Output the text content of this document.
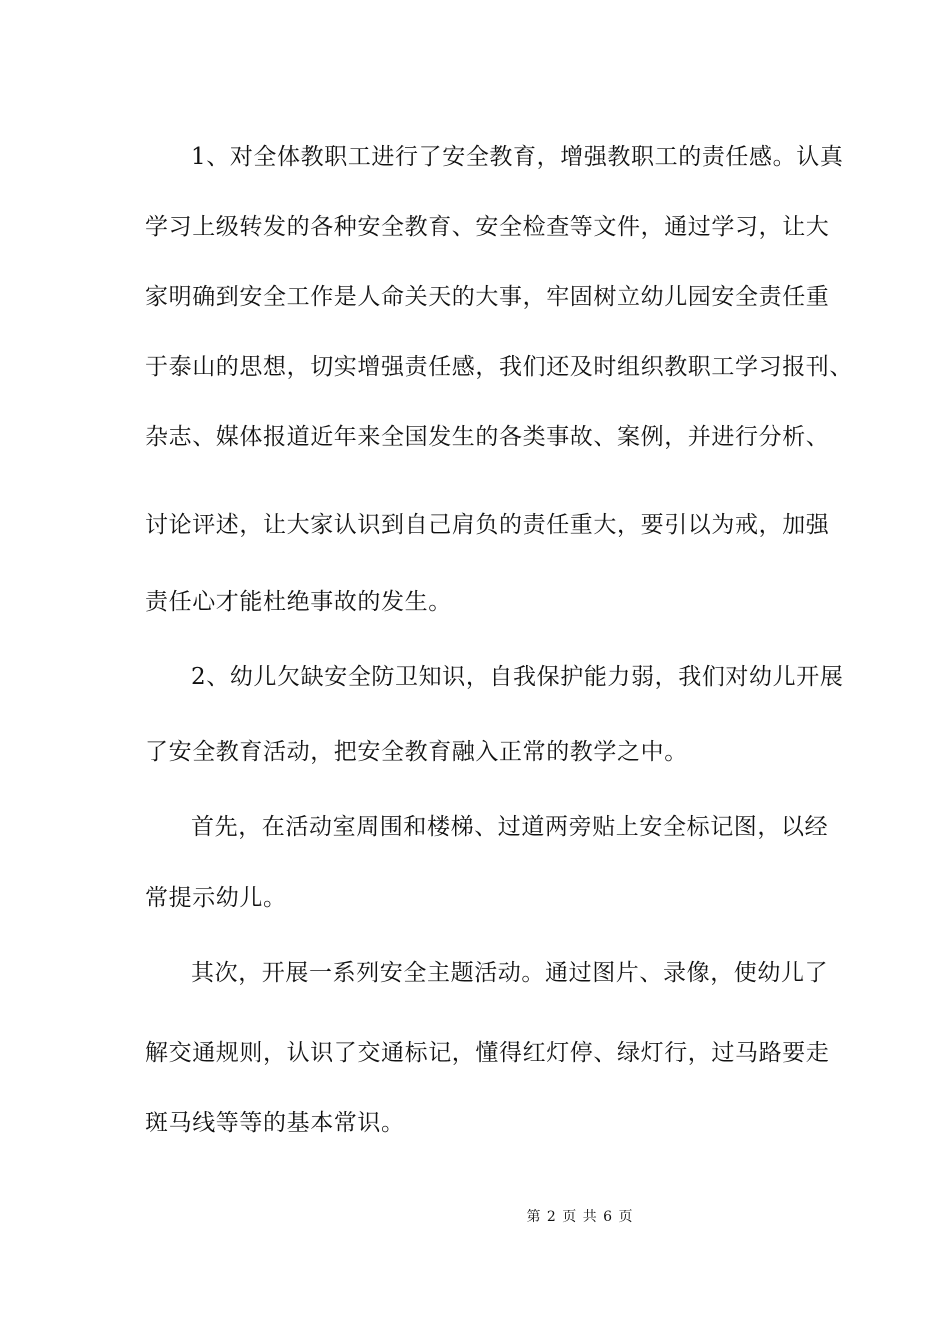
1、对全体教职工进行了安全教育，增强教职工的责任感。认真
学习上级转发的各种安全教育、安全检查等文件，通过学习，让大
家明确到安全工作是人命关天的大事，牢固树立幼儿园安全责任重
于泰山的思想，切实增强责任感，我们还及时组织教职工学习报刊、
杂志、媒体报道近年来全国发生的各类事故、案例，并进行分析、
讨论评述，让大家认识到自己肩负的责任重大，要引以为戒，加强
责任心才能杜绝事故的发生。
2、幼儿欠缺安全防卫知识，自我保护能力弱，我们对幼儿开展
了安全教育活动，把安全教育融入正常的教学之中。
首先，在活动室周围和楼梯、过道两旁贴上安全标记图，以经
常提示幼儿。
其次，开展一系列安全主题活动。通过图片、录像，使幼儿了
解交通规则，认识了交通标记，懂得红灯停、绿灯行，过马路要走
斑马线等等的基本常识。
第 2 页 共 6 页
